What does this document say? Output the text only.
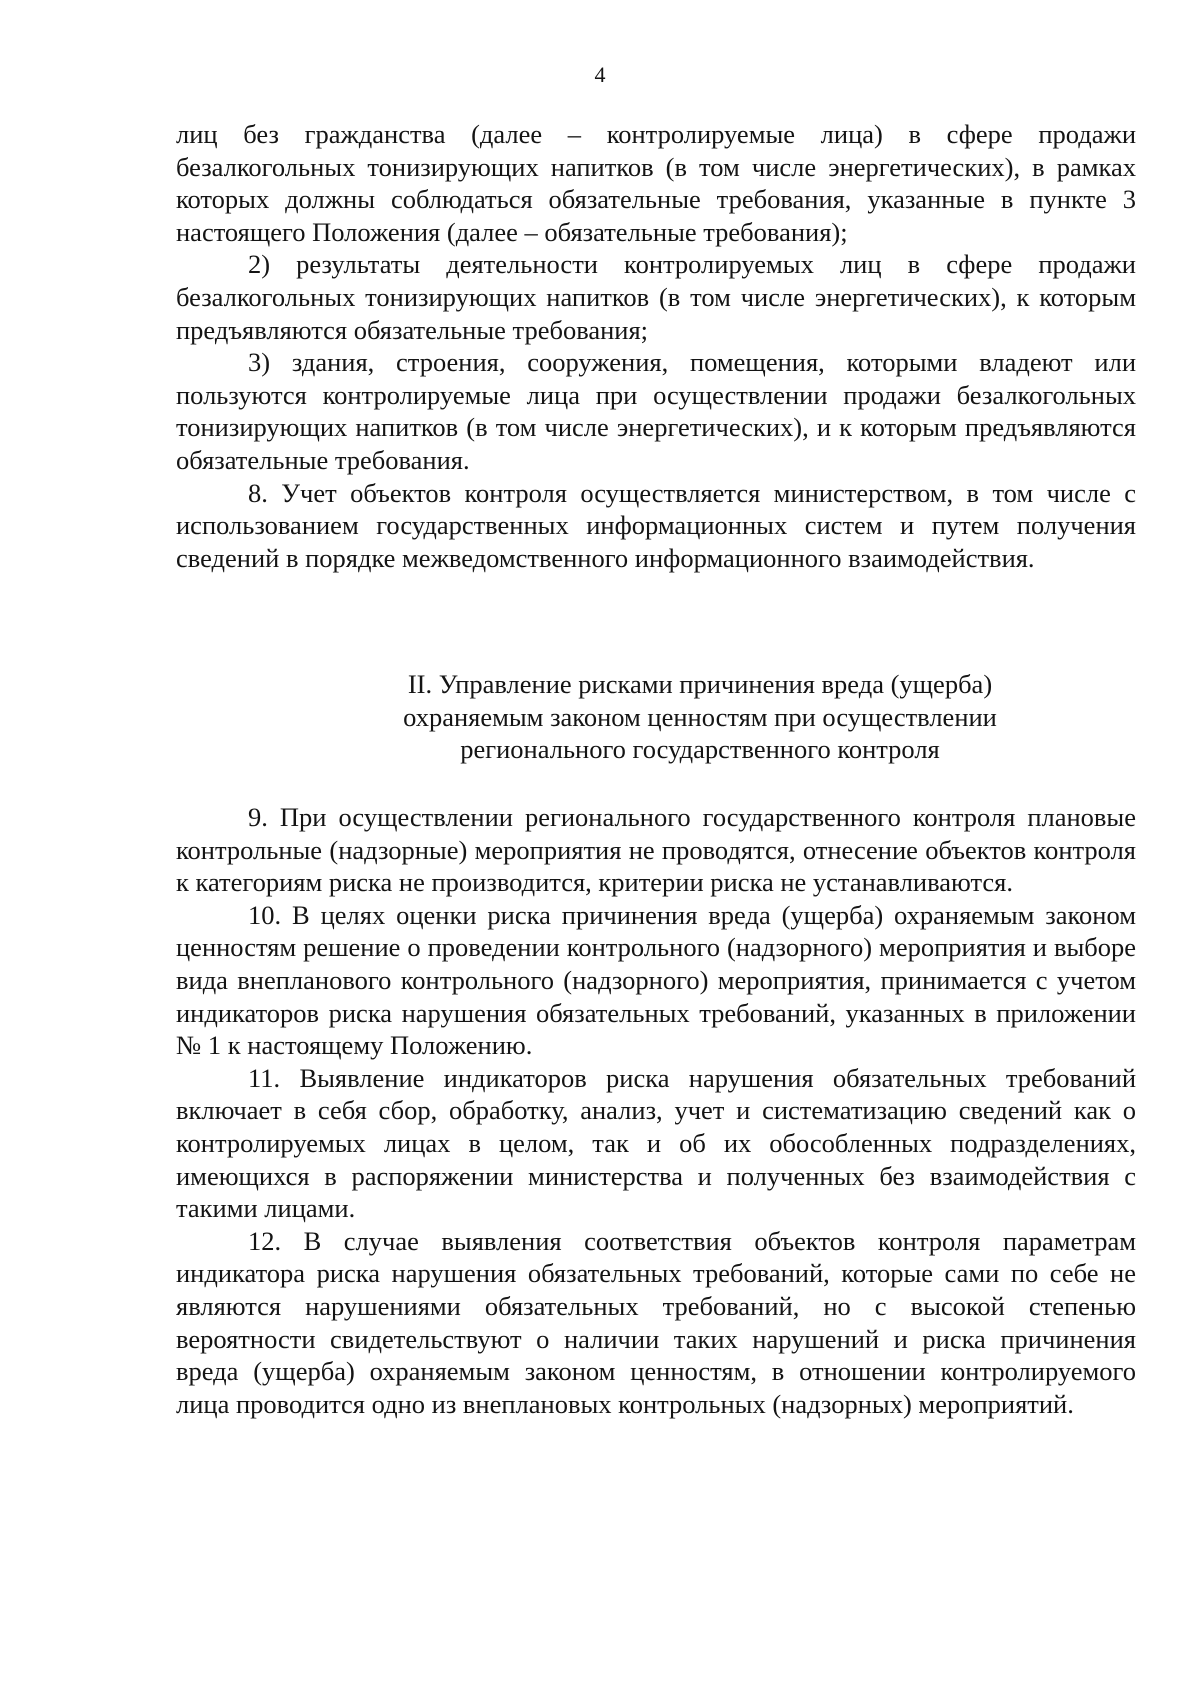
4

лиц без гражданства (далее – контролируемые лица) в сфере продажи безалкогольных тонизирующих напитков (в том числе энергетических), в рамках которых должны соблюдаться обязательные требования, указанные в пункте 3 настоящего Положения (далее – обязательные требования);

2) результаты деятельности контролируемых лиц в сфере продажи безалкогольных тонизирующих напитков (в том числе энергетических), к которым предъявляются обязательные требования;

3) здания, строения, сооружения, помещения, которыми владеют или пользуются контролируемые лица при осуществлении продажи безалкогольных тонизирующих напитков (в том числе энергетических), и к которым предъявляются обязательные требования.

8. Учет объектов контроля осуществляется министерством, в том числе с использованием государственных информационных систем и путем получения сведений в порядке межведомственного информационного взаимодействия.

II. Управление рисками причинения вреда (ущерба)
охраняемым законом ценностям при осуществлении
регионального государственного контроля

9. При осуществлении регионального государственного контроля плановые контрольные (надзорные) мероприятия не проводятся, отнесение объектов контроля к категориям риска не производится, критерии риска не устанавливаются.

10. В целях оценки риска причинения вреда (ущерба) охраняемым законом ценностям решение о проведении контрольного (надзорного) мероприятия и выборе вида внепланового контрольного (надзорного) мероприятия, принимается с учетом индикаторов риска нарушения обязательных требований, указанных в приложении № 1 к настоящему Положению.

11. Выявление индикаторов риска нарушения обязательных требований включает в себя сбор, обработку, анализ, учет и систематизацию сведений как о контролируемых лицах в целом, так и об их обособленных подразделениях, имеющихся в распоряжении министерства и полученных без взаимодействия с такими лицами.

12. В случае выявления соответствия объектов контроля параметрам индикатора риска нарушения обязательных требований, которые сами по себе не являются нарушениями обязательных требований, но с высокой степенью вероятности свидетельствуют о наличии таких нарушений и риска причинения вреда (ущерба) охраняемым законом ценностям, в отношении контролируемого лица проводится одно из внеплановых контрольных (надзорных) мероприятий.
